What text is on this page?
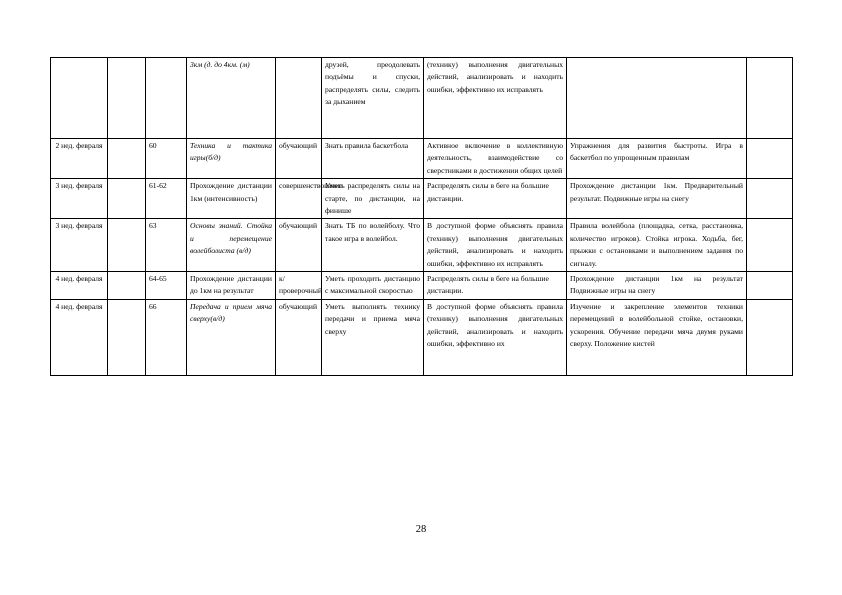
			3км (д. до 4км. (м)		друзей, преодолевать подъёмы и спуски, распределять силы, следить за дыханием	(технику) выполнения двигательных действий, анализировать и находить ошибки, эффективно их исправлять		

2 нед. февраля		60	Техника и тактика игры(б/д)	обучающий	Знать правила баскетбола	Активное включение в коллективную деятельность, взаимодействие со сверстниками в достижении общих целей	Упражнения для развития быстроты. Игра в баскетбол по упрощенным правилам	

3 нед. февраля		61-62	Прохождение дистанции 1км (интенсивность)	совершенствование	Уметь распределять силы на старте, по дистанции, на финише	Распределять силы в беге на большие дистанции.	Прохождение дистанции 1км. Предварительный результат. Подвижные игры на снегу	

3 нед. февраля		63	Основы знаний. Стойка и перемещение волейболиста (в/д)	обучающий	Знать ТБ по волейболу. Что такое игра в волейбол.	В доступной форме объяснять правила (технику) выполнения двигательных действий, анализировать и находить ошибки, эффективно их исправлять	Правила волейбола (площадка, сетка, расстановка, количество игроков). Стойка игрока. Ходьба, бег, прыжки с остановками и выполнением задания по сигналу.	

4 нед. февраля		64-65	Прохождение дистанции до 1км на результат	к/проверочный	Уметь проходить дистанцию с максимальной скоростью	Распределять силы в беге на большие дистанции.	Прохождение дистанции 1км на результат Подвижные игры на снегу	

4 нед. февраля		66	Передача и прием мяча сверху(в/д)	обучающий	Уметь выполнять технику передачи и приема мяча сверху	В доступной форме объяснять правила (технику) выполнения двигательных действий, анализировать и находить ошибки, эффективно их	Изучение и закрепление элементов техники перемещений в волейбольной стойке, остановки, ускорения. Обучение передачи мяча двумя руками сверху. Положение кистей	

28
